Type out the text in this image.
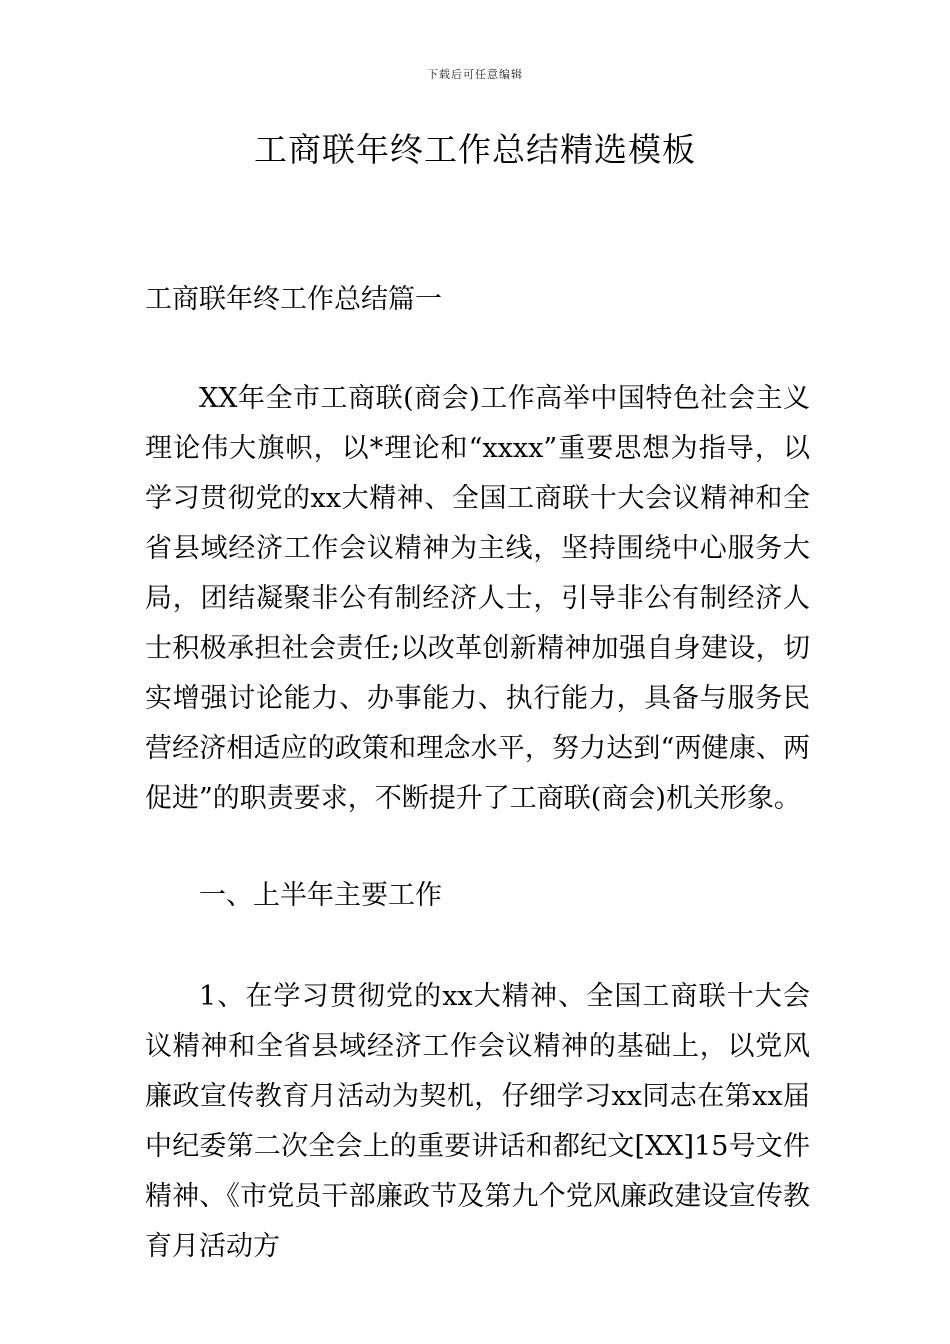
下载后可任意编辑
工商联年终工作总结精选模板

工商联年终工作总结篇一

XX年全市工商联(商会)工作高举中国特色社会主义理论伟大旗帜，以*理论和“xxxx”重要思想为指导，以学习贯彻党的xx大精神、全国工商联十大会议精神和全省县域经济工作会议精神为主线，坚持围绕中心服务大局，团结凝聚非公有制经济人士，引导非公有制经济人士积极承担社会责任;以改革创新精神加强自身建设，切实增强讨论能力、办事能力、执行能力，具备与服务民营经济相适应的政策和理念水平，努力达到“两健康、两促进”的职责要求，不断提升了工商联(商会)机关形象。

一、上半年主要工作

1、在学习贯彻党的xx大精神、全国工商联十大会议精神和全省县域经济工作会议精神的基础上，以党风廉政宣传教育月活动为契机，仔细学习xx同志在第xx届中纪委第二次全会上的重要讲话和都纪文[XX]15号文件精神、《市党员干部廉政节及第九个党风廉政建设宣传教育月活动方
